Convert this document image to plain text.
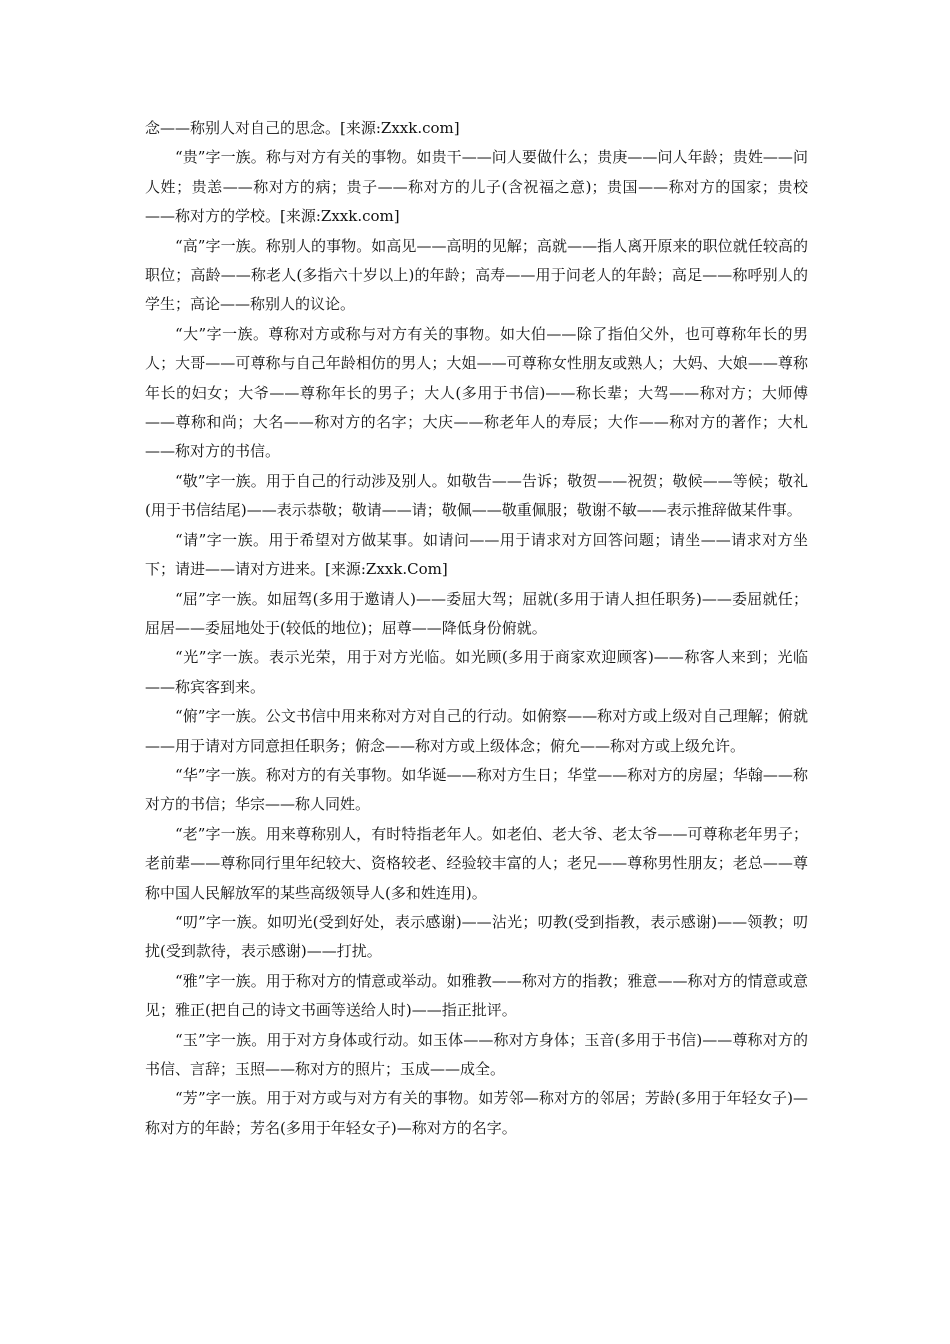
念——称别人对自己的思念。[来源:Zxxk.com]

“贵”字一族。称与对方有关的事物。如贵干——问人要做什么；贵庚——问人年龄；贵姓——问人姓；贵恙——称对方的病；贵子——称对方的儿子(含祝福之意)；贵国——称对方的国家；贵校——称对方的学校。[来源:Zxxk.com]

“高”字一族。称别人的事物。如高见——高明的见解；高就——指人离开原来的职位就任较高的职位；高龄——称老人(多指六十岁以上)的年龄；高寿——用于问老人的年龄；高足——称呼别人的学生；高论——称别人的议论。

“大”字一族。尊称对方或称与对方有关的事物。如大伯——除了指伯父外，也可尊称年长的男人；大哥——可尊称与自己年龄相仿的男人；大姐——可尊称女性朋友或熟人；大妈、大娘——尊称年长的妇女；大爷——尊称年长的男子；大人(多用于书信)——称长辈；大驾——称对方；大师傅——尊称和尚；大名——称对方的名字；大庆——称老年人的寿辰；大作——称对方的著作；大札——称对方的书信。

“敬”字一族。用于自己的行动涉及别人。如敬告——告诉；敬贺——祝贺；敬候——等候；敬礼(用于书信结尾)——表示恭敬；敬请——请；敬佩——敬重佩服；敬谢不敏——表示推辞做某件事。

“请”字一族。用于希望对方做某事。如请问——用于请求对方回答问题；请坐——请求对方坐下；请进——请对方进来。[来源:Zxxk.Com]

“屈”字一族。如屈驾(多用于邀请人)——委屈大驾；屈就(多用于请人担任职务)——委屈就任；屈居——委屈地处于(较低的地位)；屈尊——降低身份俯就。

“光”字一族。表示光荣，用于对方光临。如光顾(多用于商家欢迎顾客)——称客人来到；光临——称宾客到来。

“俯”字一族。公文书信中用来称对方对自己的行动。如俯察——称对方或上级对自己理解；俯就——用于请对方同意担任职务；俯念——称对方或上级体念；俯允——称对方或上级允许。

“华”字一族。称对方的有关事物。如华诞——称对方生日；华堂——称对方的房屋；华翰——称对方的书信；华宗——称人同姓。

“老”字一族。用来尊称别人，有时特指老年人。如老伯、老大爷、老太爷——可尊称老年男子；老前辈——尊称同行里年纪较大、资格较老、经验较丰富的人；老兄——尊称男性朋友；老总——尊称中国人民解放军的某些高级领导人(多和姓连用)。

“叨”字一族。如叨光(受到好处，表示感谢)——沾光；叨教(受到指教，表示感谢)——领教；叨扰(受到款待，表示感谢)——打扰。

“雅”字一族。用于称对方的情意或举动。如雅教——称对方的指教；雅意——称对方的情意或意见；雅正(把自己的诗文书画等送给人时)——指正批评。

“玉”字一族。用于对方身体或行动。如玉体——称对方身体；玉音(多用于书信)——尊称对方的书信、言辞；玉照——称对方的照片；玉成——成全。

“芳”字一族。用于对方或与对方有关的事物。如芳邻—称对方的邻居；芳龄(多用于年轻女子)—称对方的年龄；芳名(多用于年轻女子)—称对方的名字。
